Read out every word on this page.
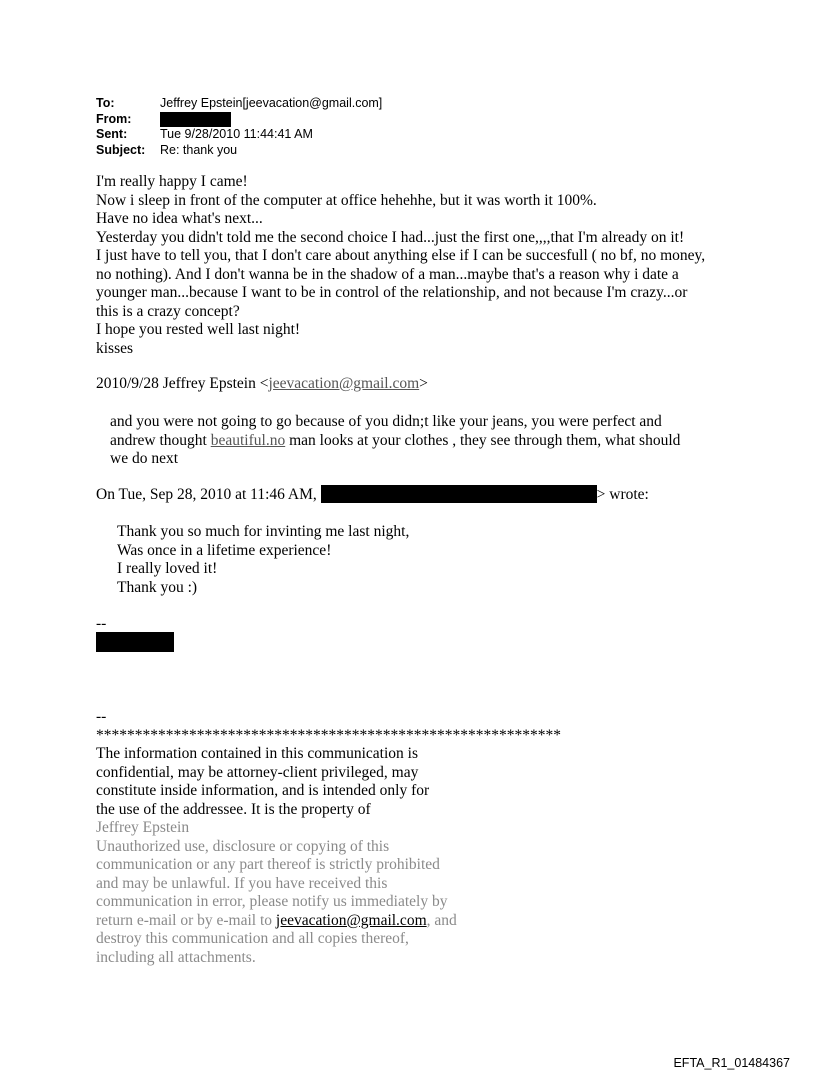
To:	Jeffrey Epstein[jeevacation@gmail.com]
From:
Sent:	Tue 9/28/2010 11:44:41 AM
Subject:	Re: thank you
I'm really happy I came!
Now i sleep in front of the computer at office hehehhe, but it was worth it 100%.
Have no idea what's next...
Yesterday you didn't told me the second choice I had...just the first one,,,,that I'm already on it!
I just have to tell you, that I don't care about anything else if I can be succesfull ( no bf, no money,
no nothing). And I don't wanna be in the shadow of a man...maybe that's a reason why i date a
younger man...because I want to be in control of the relationship, and not because I'm crazy...or
this is a crazy concept?
I hope you rested well last night!
kisses
2010/9/28 Jeffrey Epstein <jeevacation@gmail.com>
and you were not going to go because of you didn;t like your jeans, you were perfect and
andrew thought beautiful.no man looks at your clothes , they see through them, what should
we do next
On Tue, Sep 28, 2010 at 11:46 AM,	> wrote:
Thank you so much for invinting me last night,
Was once in a lifetime experience!
I really loved it!
Thank you :)
--
--
************************************************************
The information contained in this communication is
confidential, may be attorney-client privileged, may
constitute inside information, and is intended only for
the use of the addressee. It is the property of
Jeffrey Epstein
Unauthorized use, disclosure or copying of this
communication or any part thereof is strictly prohibited
and may be unlawful. If you have received this
communication in error, please notify us immediately by
return e-mail or by e-mail to jeevacation@gmail.com, and
destroy this communication and all copies thereof,
including all attachments.
EFTA_R1_01484367
